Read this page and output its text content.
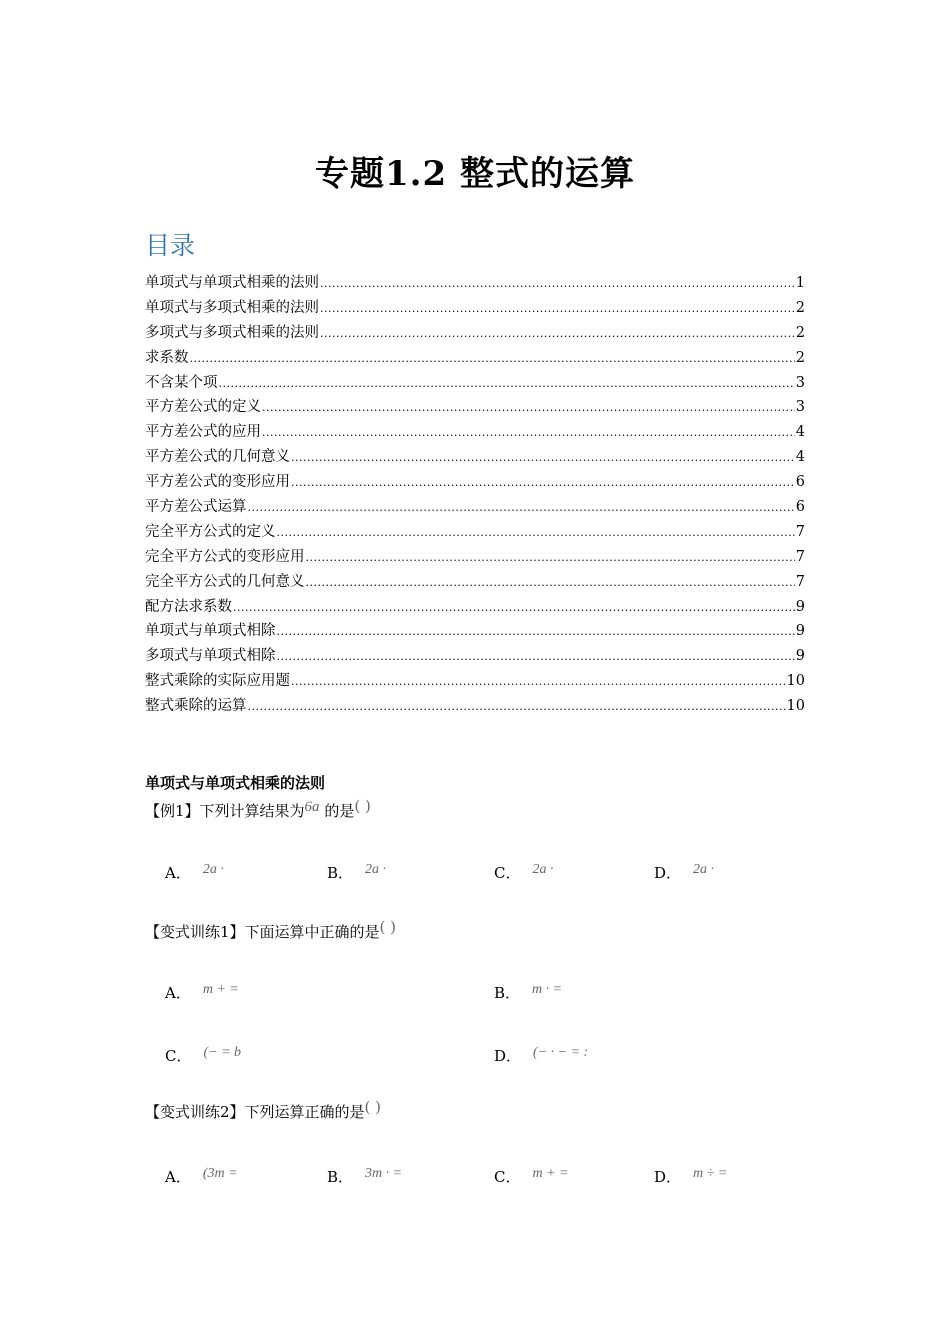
专题1.2 整式的运算
目录
单项式与单项式相乘的法则 .....	1
单项式与多项式相乘的法则 .....	2
多项式与多项式相乘的法则 .....	2
求系数 .....	2
不含某个项 .....	3
平方差公式的定义 .....	3
平方差公式的应用 .....	4
平方差公式的几何意义 .....	4
平方差公式的变形应用 .....	6
平方差公式运算 .....	6
完全平方公式的定义 .....	7
完全平方公式的变形应用 .....	7
完全平方公式的几何意义 .....	7
配方法求系数 .....	9
单项式与单项式相除 .....	9
多项式与单项式相除 .....	9
整式乘除的实际应用题 .....	10
整式乘除的运算 .....	10
单项式与单项式相乘的法则
【例1】下列计算结果为6a 的是( )
A． 2a ·	B． 2a ·	C． 2a ·	D． 2a ·
【变式训练1】下面运算中正确的是( )
A． m + =	B． m · =
C． (− = b	D． (− · − = :
【变式训练2】下列运算正确的是( )
A． (3m =	B． 3m · =	C． m + =	D． m ÷ =
